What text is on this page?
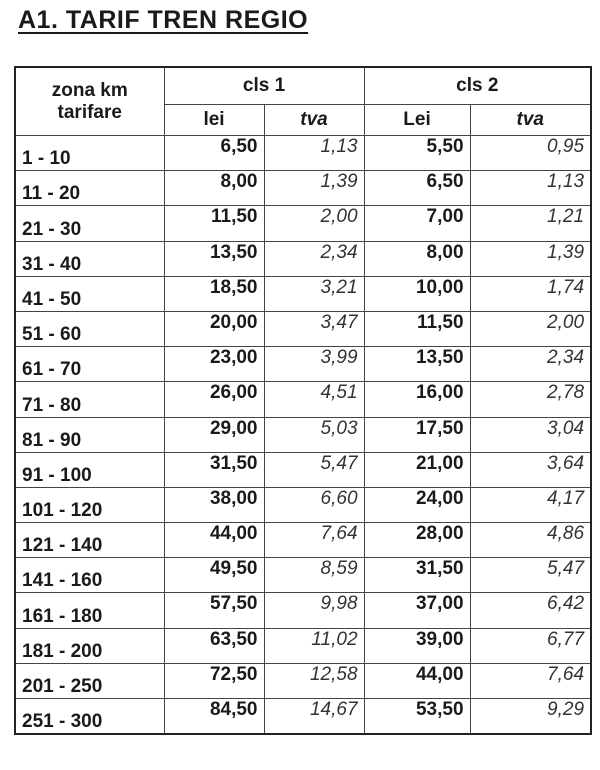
A1. TARIF TREN REGIO
zona km
tarifare	cls 1		cls 2	
	lei	tva	Lei	tva
1 - 10	6,50	1,13	5,50	0,95
11 - 20	8,00	1,39	6,50	1,13
21 - 30	11,50	2,00	7,00	1,21
31 - 40	13,50	2,34	8,00	1,39
41 - 50	18,50	3,21	10,00	1,74
51 - 60	20,00	3,47	11,50	2,00
61 - 70	23,00	3,99	13,50	2,34
71 - 80	26,00	4,51	16,00	2,78
81 - 90	29,00	5,03	17,50	3,04
91 - 100	31,50	5,47	21,00	3,64
101 - 120	38,00	6,60	24,00	4,17
121 - 140	44,00	7,64	28,00	4,86
141 - 160	49,50	8,59	31,50	5,47
161 - 180	57,50	9,98	37,00	6,42
181 - 200	63,50	11,02	39,00	6,77
201 - 250	72,50	12,58	44,00	7,64
251 - 300	84,50	14,67	53,50	9,29
